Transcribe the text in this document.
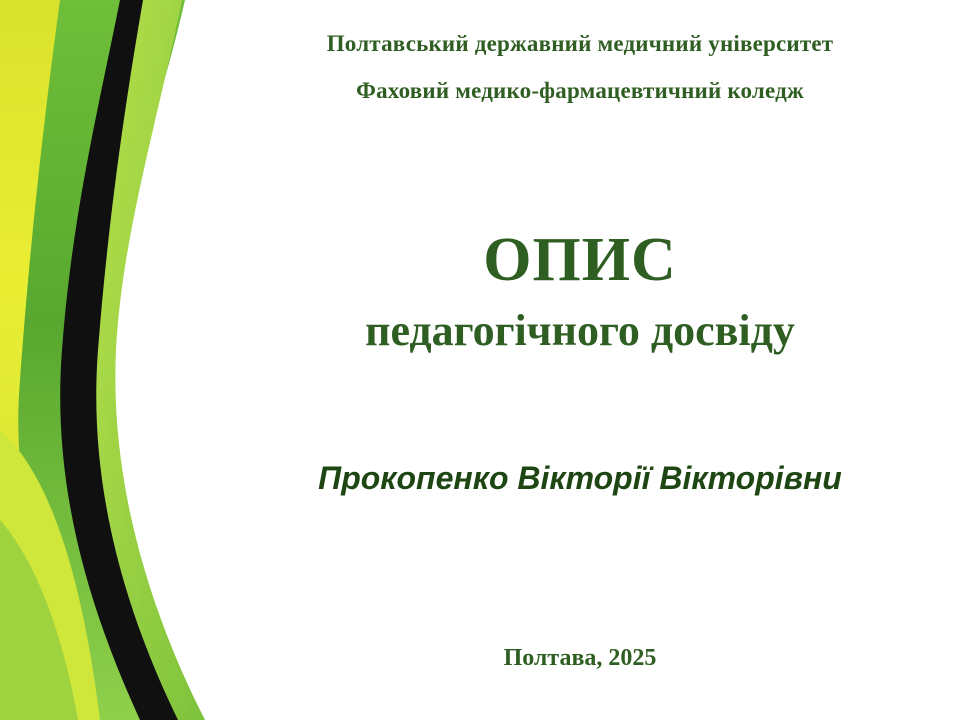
Полтавський державний медичний університет

Фаховий медико-фармацевтичний коледж

ОПИС

педагогічного досвіду

Прокопенко Вікторії Вікторівни

Полтава, 2025
